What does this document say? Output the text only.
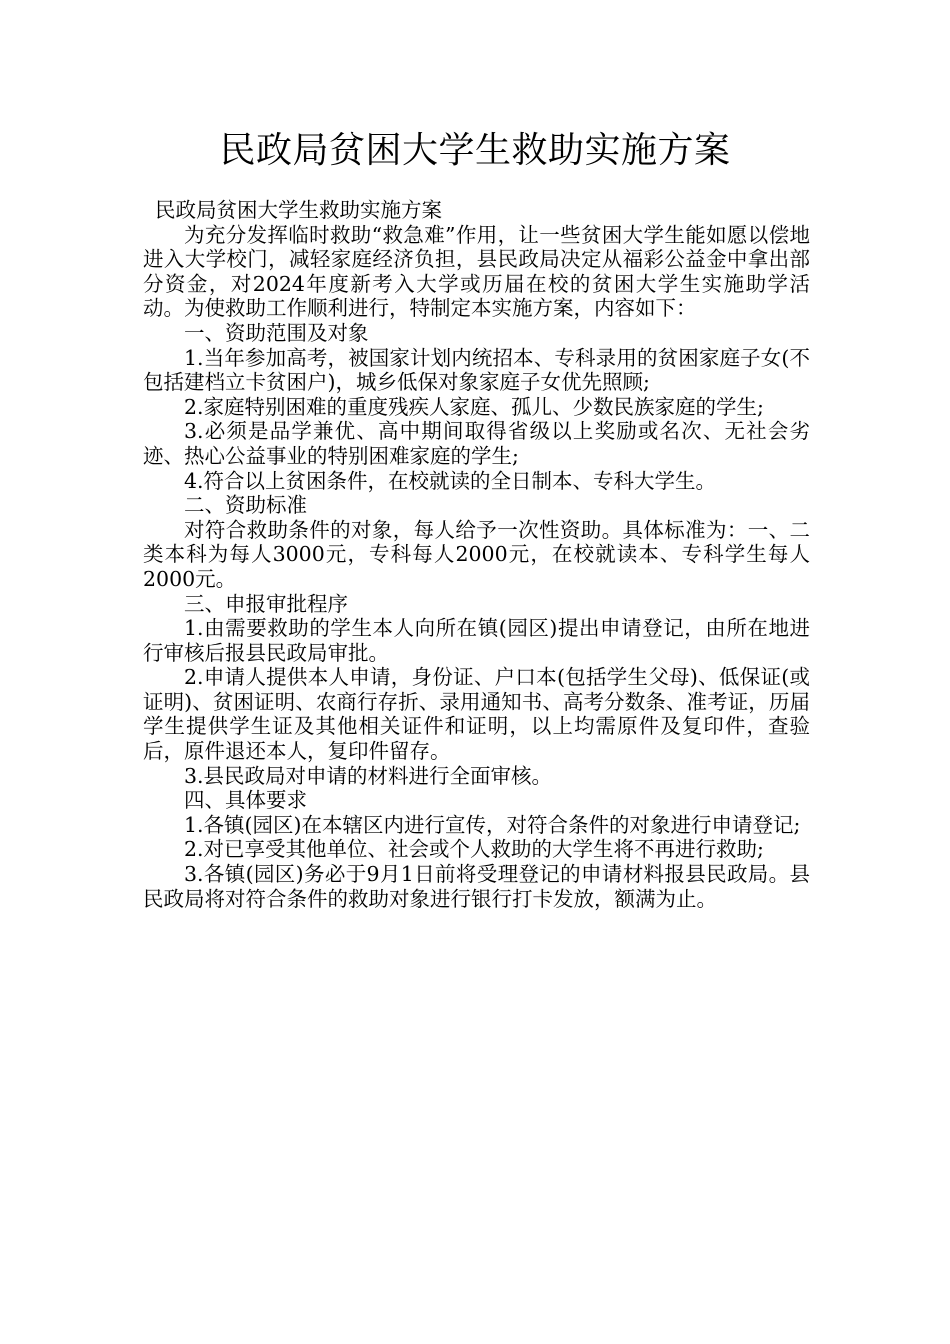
民政局贫困大学生救助实施方案

民政局贫困大学生救助实施方案

为充分发挥临时救助“救急难”作用，让一些贫困大学生能如愿以偿地进入大学校门，减轻家庭经济负担，县民政局决定从福彩公益金中拿出部分资金，对2024年度新考入大学或历届在校的贫困大学生实施助学活动。为使救助工作顺利进行，特制定本实施方案，内容如下：

一、资助范围及对象

1.当年参加高考，被国家计划内统招本、专科录用的贫困家庭子女(不包括建档立卡贫困户)，城乡低保对象家庭子女优先照顾;

2.家庭特别困难的重度残疾人家庭、孤儿、少数民族家庭的学生;

3.必须是品学兼优、高中期间取得省级以上奖励或名次、无社会劣迹、热心公益事业的特别困难家庭的学生;

4.符合以上贫困条件，在校就读的全日制本、专科大学生。

二、资助标准

对符合救助条件的对象，每人给予一次性资助。具体标准为：一、二类本科为每人3000元，专科每人2000元，在校就读本、专科学生每人2000元。

三、申报审批程序

1.由需要救助的学生本人向所在镇(园区)提出申请登记，由所在地进行审核后报县民政局审批。

2.申请人提供本人申请，身份证、户口本(包括学生父母)、低保证(或证明)、贫困证明、农商行存折、录用通知书、高考分数条、准考证，历届学生提供学生证及其他相关证件和证明，以上均需原件及复印件，查验后，原件退还本人，复印件留存。

3.县民政局对申请的材料进行全面审核。

四、具体要求

1.各镇(园区)在本辖区内进行宣传，对符合条件的对象进行申请登记;

2.对已享受其他单位、社会或个人救助的大学生将不再进行救助;

3.各镇(园区)务必于9月1日前将受理登记的申请材料报县民政局。县民政局将对符合条件的救助对象进行银行打卡发放，额满为止。
